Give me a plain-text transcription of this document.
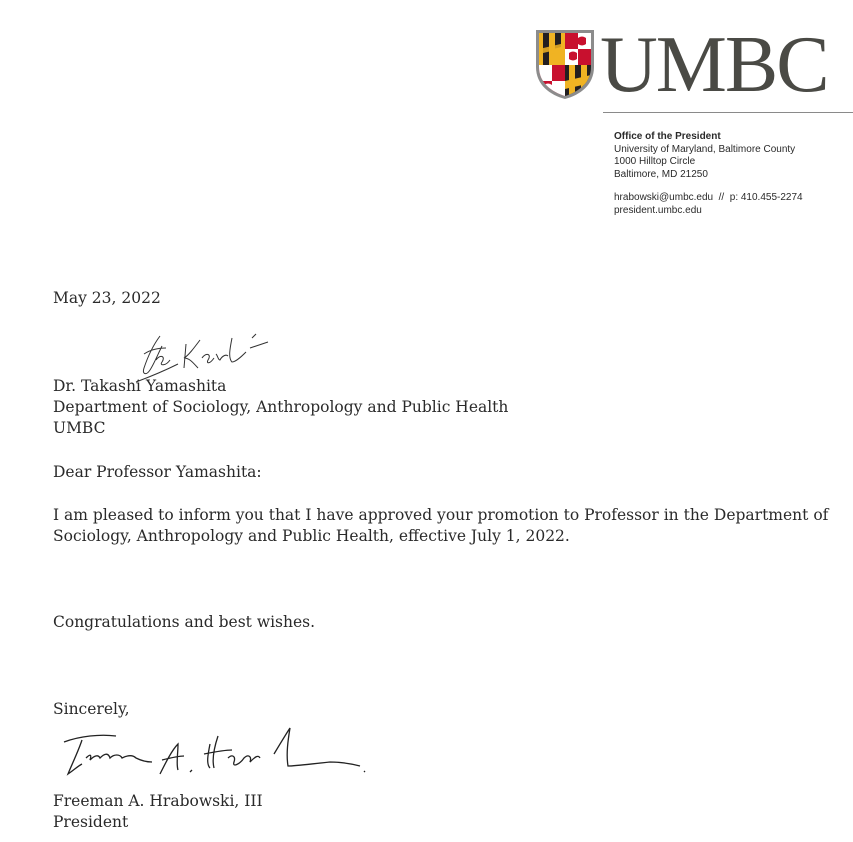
UMBC
Office of the President
University of Maryland, Baltimore County
1000 Hilltop Circle
Baltimore, MD 21250
hrabowski@umbc.edu  //  p: 410.455-2274
president.umbc.edu
May 23, 2022
Dr. Takashi Yamashita
Department of Sociology, Anthropology and Public Health
UMBC
Dear Professor Yamashita:
I am pleased to inform you that I have approved your promotion to Professor in the Department of
Sociology, Anthropology and Public Health, effective July 1, 2022.
Congratulations and best wishes.
Sincerely,
Freeman A. Hrabowski, III
President
